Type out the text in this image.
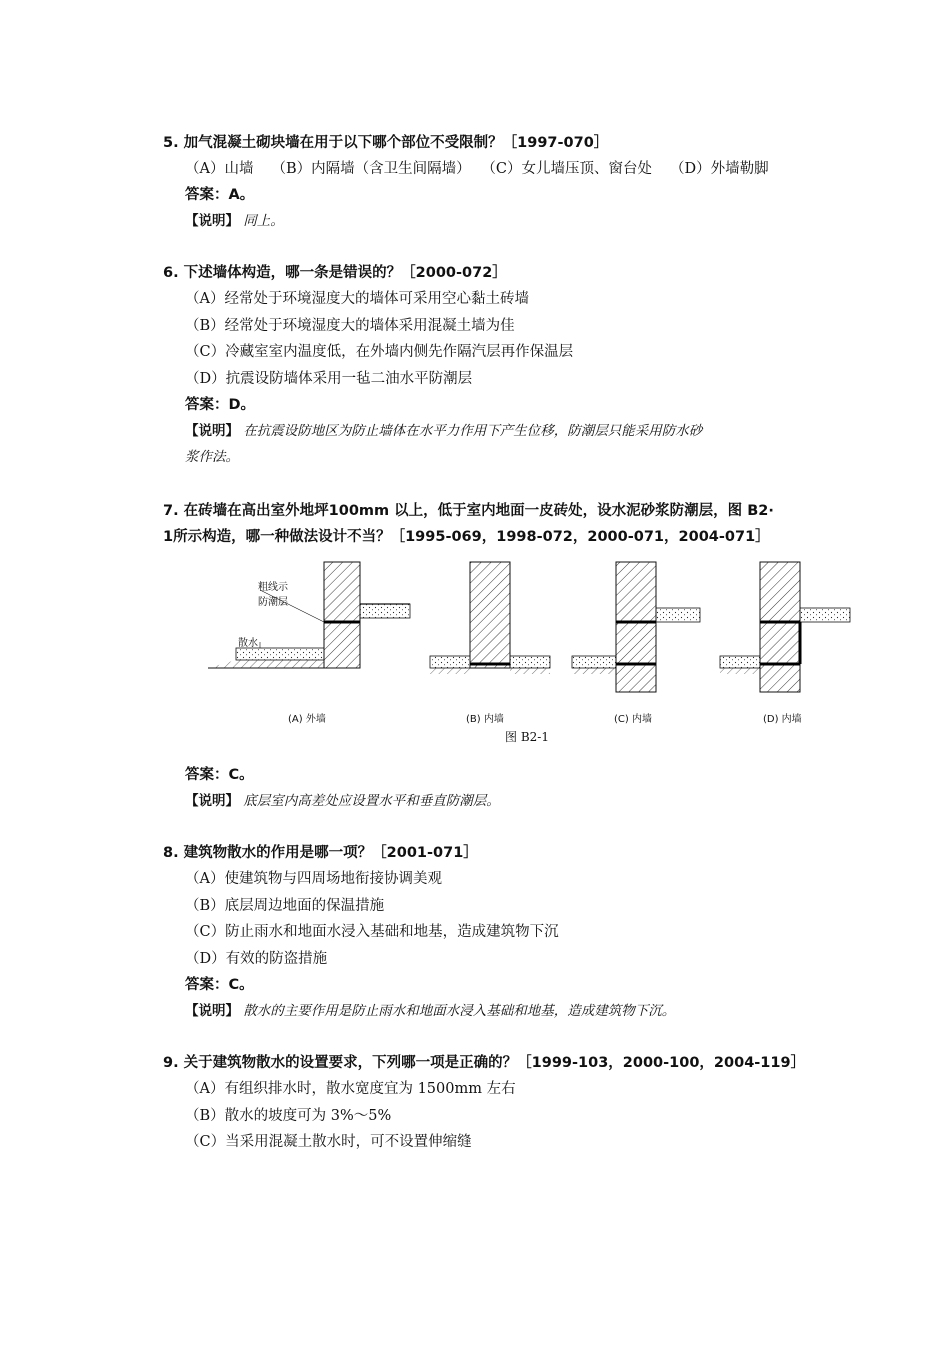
5. 加气混凝土砌块墙在用于以下哪个部位不受限制？［1997-070］
（A）山墙 （B）内隔墙（含卫生间隔墙） （C）女儿墙压顶、窗台处 （D）外墙勒脚
答案：A。
【说明】 同上。
6. 下述墙体构造，哪一条是错误的？［2000-072］
（A）经常处于环境湿度大的墙体可采用空心黏土砖墙
（B）经常处于环境湿度大的墙体采用混凝土墙为佳
（C）冷藏室室内温度低，在外墙内侧先作隔汽层再作保温层
（D）抗震设防墙体采用一毡二油水平防潮层
答案：D。
【说明】 在抗震设防地区为防止墙体在水平力作用下产生位移，防潮层只能采用防水砂
浆作法。
7. 在砖墙在高出室外地坪100mm 以上，低于室内地面一皮砖处，设水泥砂浆防潮层，图 B2·
1所示构造，哪一种做法设计不当？［1995-069，1998-072，2000-071，2004-071］
粗线示
防潮层
散水
(A) 外墙	(B) 内墙	(C) 内墙	(D) 内墙
图 B2-1
答案：C。
【说明】 底层室内高差处应设置水平和垂直防潮层。
8. 建筑物散水的作用是哪一项？［2001-071］
（A）使建筑物与四周场地衔接协调美观
（B）底层周边地面的保温措施
（C）防止雨水和地面水浸入基础和地基，造成建筑物下沉
（D）有效的防盗措施
答案：C。
【说明】 散水的主要作用是防止雨水和地面水浸入基础和地基，造成建筑物下沉。
9. 关于建筑物散水的设置要求，下列哪一项是正确的？［1999-103，2000-100，2004-119］
（A）有组织排水时，散水宽度宜为 1500mm 左右
（B）散水的坡度可为 3%～5%
（C）当采用混凝土散水时，可不设置伸缩缝
